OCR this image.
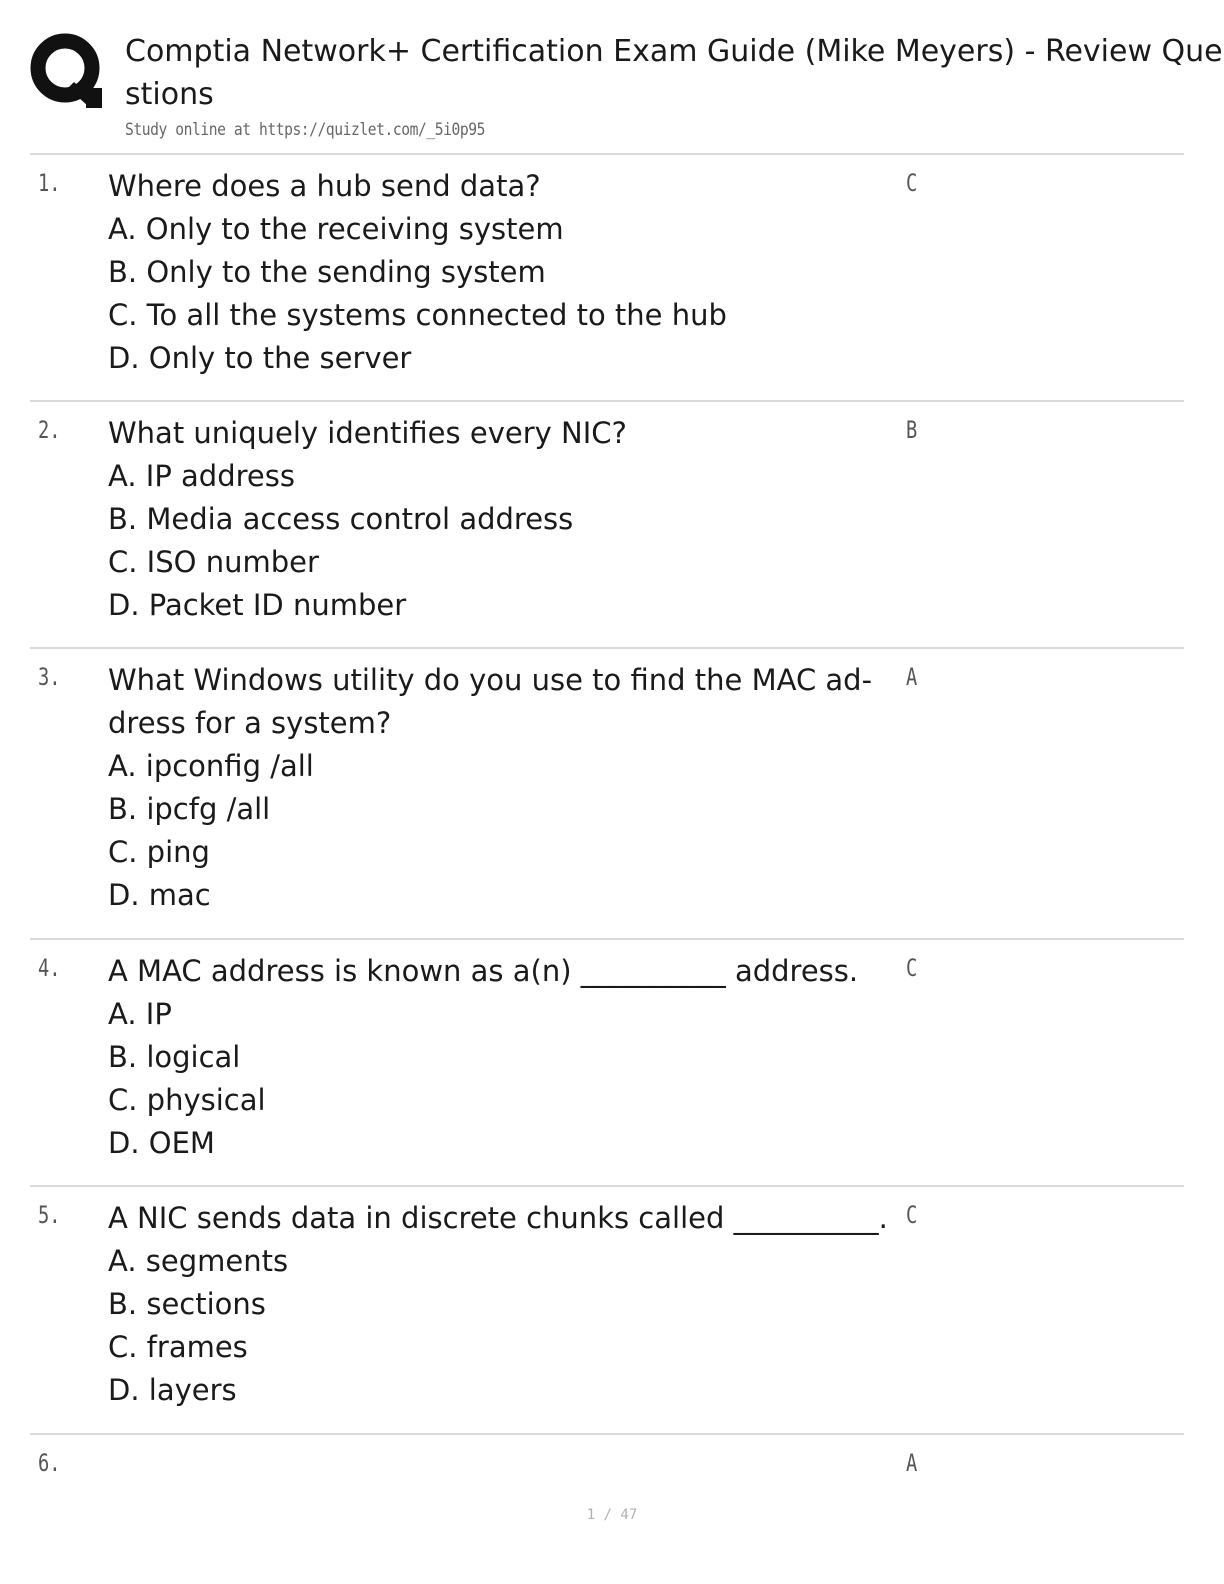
Comptia Network+ Certification Exam Guide (Mike Meyers) - Review Questions
Study online at https://quizlet.com/_5i0p95
1. Where does a hub send data?
A. Only to the receiving system
B. Only to the sending system
C. To all the systems connected to the hub
D. Only to the server
C
2. What uniquely identifies every NIC?
A. IP address
B. Media access control address
C. ISO number
D. Packet ID number
B
3. What Windows utility do you use to find the MAC ad-
dress for a system?
A. ipconfig /all
B. ipcfg /all
C. ping
D. mac
A
4. A MAC address is known as a(n) __________ address.
A. IP
B. logical
C. physical
D. OEM
C
5. A NIC sends data in discrete chunks called __________.
A. segments
B. sections
C. frames
D. layers
C
6.	A
1 / 47
